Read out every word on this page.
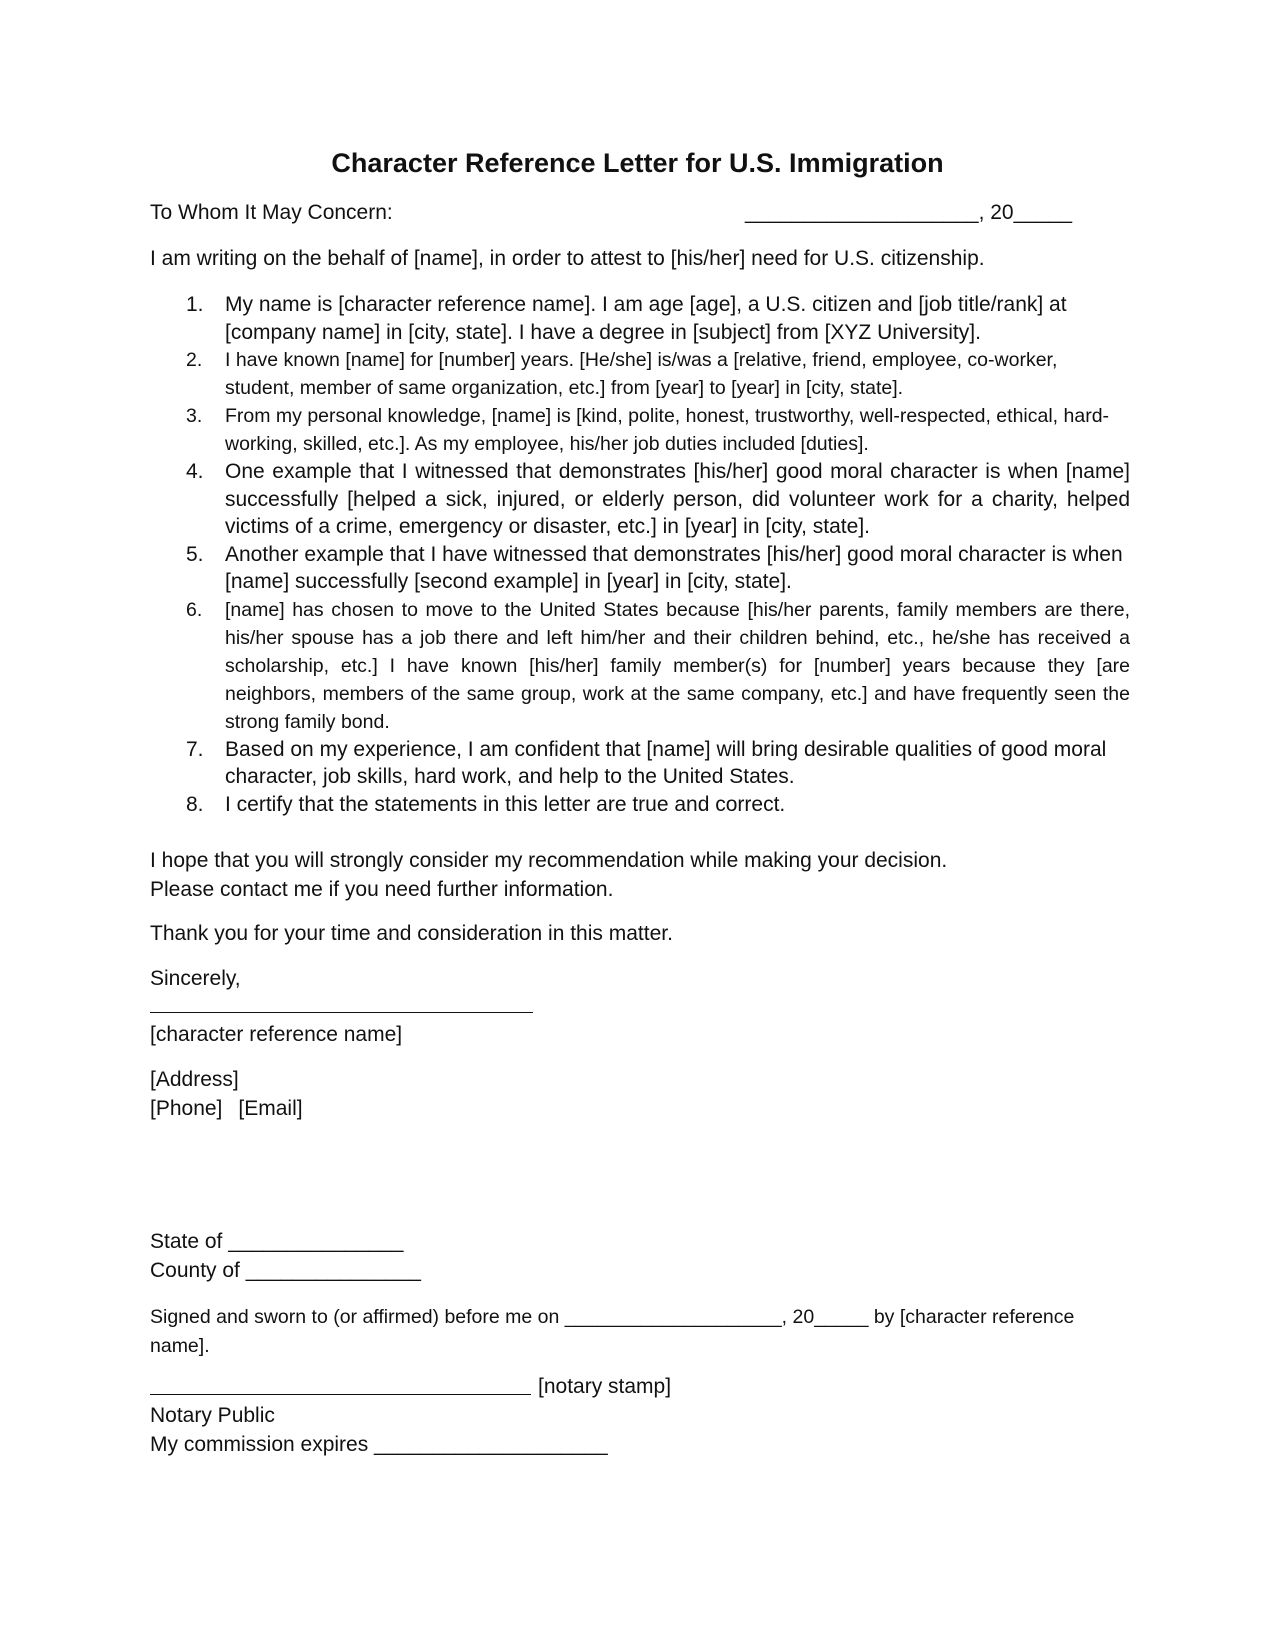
Character Reference Letter for U.S. Immigration
To Whom It May Concern:	____________________, 20_____
I am writing on the behalf of [name], in order to attest to [his/her] need for U.S. citizenship.
1. My name is [character reference name]. I am age [age], a U.S. citizen and [job title/rank] at [company name] in [city, state]. I have a degree in [subject] from [XYZ University].
2. I have known [name] for [number] years. [He/she] is/was a [relative, friend, employee, co-worker, student, member of same organization, etc.] from [year] to [year] in [city, state].
3. From my personal knowledge, [name] is [kind, polite, honest, trustworthy, well-respected, ethical, hard-working, skilled, etc.]. As my employee, his/her job duties included [duties].
4. One example that I witnessed that demonstrates [his/her] good moral character is when [name] successfully [helped a sick, injured, or elderly person, did volunteer work for a charity, helped victims of a crime, emergency or disaster, etc.] in [year] in [city, state].
5. Another example that I have witnessed that demonstrates [his/her] good moral character is when [name] successfully [second example] in [year] in [city, state].
6. [name] has chosen to move to the United States because [his/her parents, family members are there, his/her spouse has a job there and left him/her and their children behind, etc., he/she has received a scholarship, etc.] I have known [his/her] family member(s) for [number] years because they [are neighbors, members of the same group, work at the same company, etc.] and have frequently seen the strong family bond.
7. Based on my experience, I am confident that [name] will bring desirable qualities of good moral character, job skills, hard work, and help to the United States.
8. I certify that the statements in this letter are true and correct.
I hope that you will strongly consider my recommendation while making your decision.
Please contact me if you need further information.
Thank you for your time and consideration in this matter.
Sincerely,
[character reference name]
[Address]
[Phone] [Email]
State of _______________
County of _______________
Signed and sworn to (or affirmed) before me on ____________________, 20_____ by [character reference name].
[notary stamp]
Notary Public
My commission expires ____________________
